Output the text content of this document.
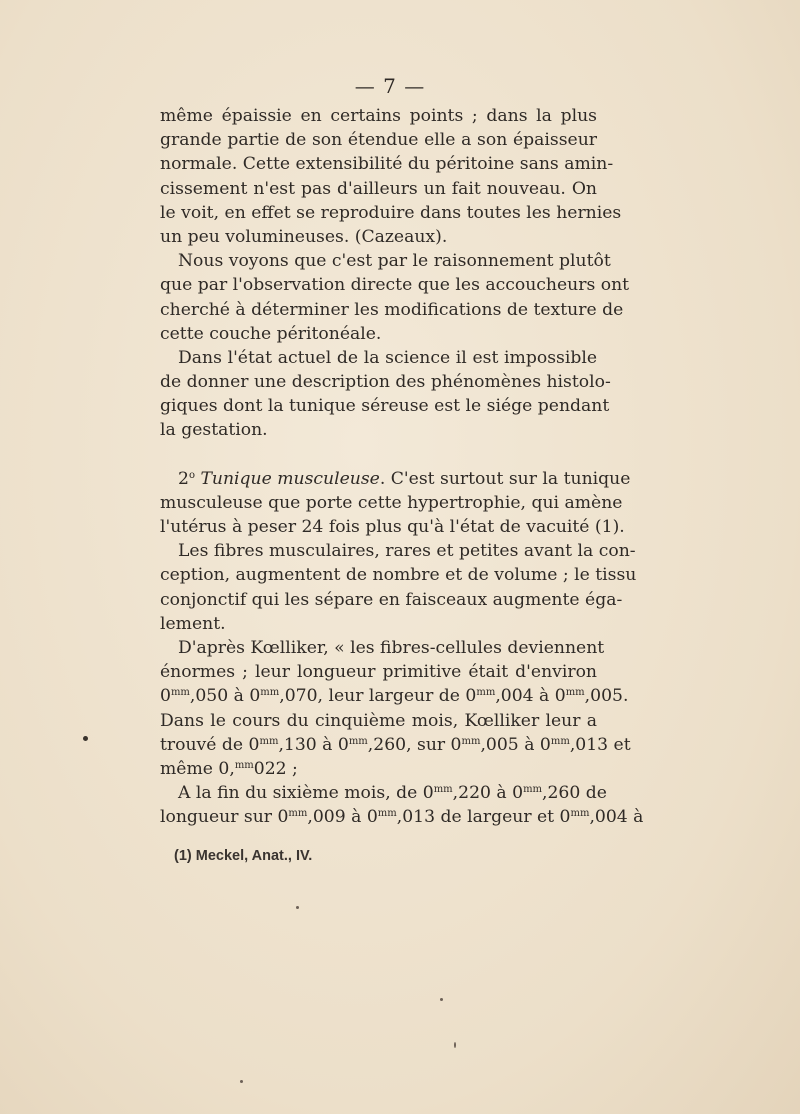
— 7 —
même épaissie en certains points ; dans la plus
grande partie de son étendue elle a son épaisseur
normale. Cette extensibilité du péritoine sans amin-
cissement n'est pas d'ailleurs un fait nouveau. On
le voit, en effet se reproduire dans toutes les hernies
un peu volumineuses. (Cazeaux).
Nous voyons que c'est par le raisonnement plutôt
que par l'observation directe que les accoucheurs ont
cherché à déterminer les modifications de texture de
cette couche péritonéale.
Dans l'état actuel de la science il est impossible
de donner une description des phénomènes histolo-
giques dont la tunique séreuse est le siége pendant
la gestation.
2$^o$ Tunique musculeuse. C'est surtout sur la tunique
musculeuse que porte cette hypertrophie, qui amène
l'utérus à peser 24 fois plus qu'à l'état de vacuité (1).
Les fibres musculaires, rares et petites avant la con-
ception, augmentent de nombre et de volume ; le tissu
conjonctif qui les sépare en faisceaux augmente éga-
lement.
D'après Kœlliker, « les fibres-cellules deviennent
énormes ; leur longueur primitive était d'environ
$0^{mm},050$ à $0^{mm},070$, leur largeur de $0^{mm},004$ à $0^{mm},005$.
Dans le cours du cinquième mois, Kœlliker leur a
trouvé de $0^{mm},130$ à $0^{mm},260$, sur $0^{mm},005$ à $0^{mm},013$ et
même 0,$^{mm}$022 ;
A la fin du sixième mois, de $0^{mm},220$ à $0^{mm},260$ de
longueur sur $0^{mm},009$ à $0^{mm},013$ de largeur et $0^{mm},004$ à
(1) Meckel, Anat., IV.
